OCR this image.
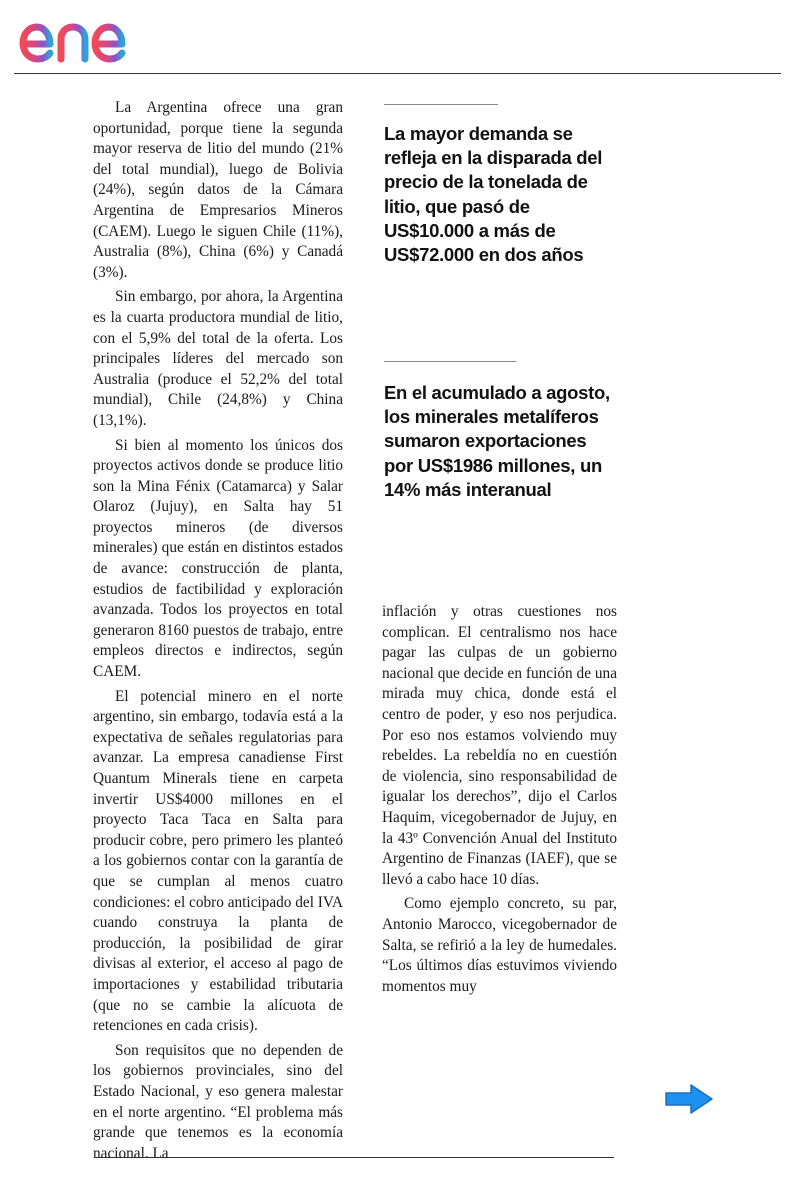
La Argentina ofrece una gran oportunidad, porque tiene la segunda mayor reserva de litio del mundo (21% del total mundial), luego de Bolivia (24%), según datos de la Cámara Argentina de Empresarios Mineros (CAEM). Luego le siguen Chile (11%), Australia (8%), China (6%) y Canadá (3%).

Sin embargo, por ahora, la Argentina es la cuarta productora mundial de litio, con el 5,9% del total de la oferta. Los principales líderes del mercado son Australia (produce el 52,2% del total mundial), Chile (24,8%) y China (13,1%).

Si bien al momento los únicos dos proyectos activos donde se produce litio son la Mina Fénix (Catamarca) y Salar Olaroz (Jujuy), en Salta hay 51 proyectos mineros (de diversos minerales) que están en distintos estados de avance: construcción de planta, estudios de factibilidad y exploración avanzada. Todos los proyectos en total generaron 8160 puestos de trabajo, entre empleos directos e indirectos, según CAEM.

El potencial minero en el norte argentino, sin embargo, todavía está a la expectativa de señales regulatorias para avanzar. La empresa canadiense First Quantum Minerals tiene en carpeta invertir US$4000 millones en el proyecto Taca Taca en Salta para producir cobre, pero primero les planteó a los gobiernos contar con la garantía de que se cumplan al menos cuatro condiciones: el cobro anticipado del IVA cuando construya la planta de producción, la posibilidad de girar divisas al exterior, el acceso al pago de importaciones y estabilidad tributaria (que no se cambie la alícuota de retenciones en cada crisis).

Son requisitos que no dependen de los gobiernos provinciales, sino del Estado Nacional, y eso genera malestar en el norte argentino. “El problema más grande que tenemos es la economía nacional. La

La mayor demanda se refleja en la disparada del precio de la tonelada de litio, que pasó de US$10.000 a más de US$72.000 en dos años
En el acumulado a agosto, los minerales metalíferos sumaron exportaciones por US$1986 millones, un 14% más interanual

inflación y otras cuestiones nos complican. El centralismo nos hace pagar las culpas de un gobierno nacional que decide en función de una mirada muy chica, donde está el centro de poder, y eso nos perjudica. Por eso nos estamos volviendo muy rebeldes. La rebeldía no en cuestión de violencia, sino responsabilidad de igualar los derechos”, dijo el Carlos Haquim, vicegobernador de Jujuy, en la 43º Convención Anual del Instituto Argentino de Finanzas (IAEF), que se llevó a cabo hace 10 días.

Como ejemplo concreto, su par, Antonio Marocco, vicegobernador de Salta, se refirió a la ley de humedales. “Los últimos días estuvimos viviendo momentos muy
